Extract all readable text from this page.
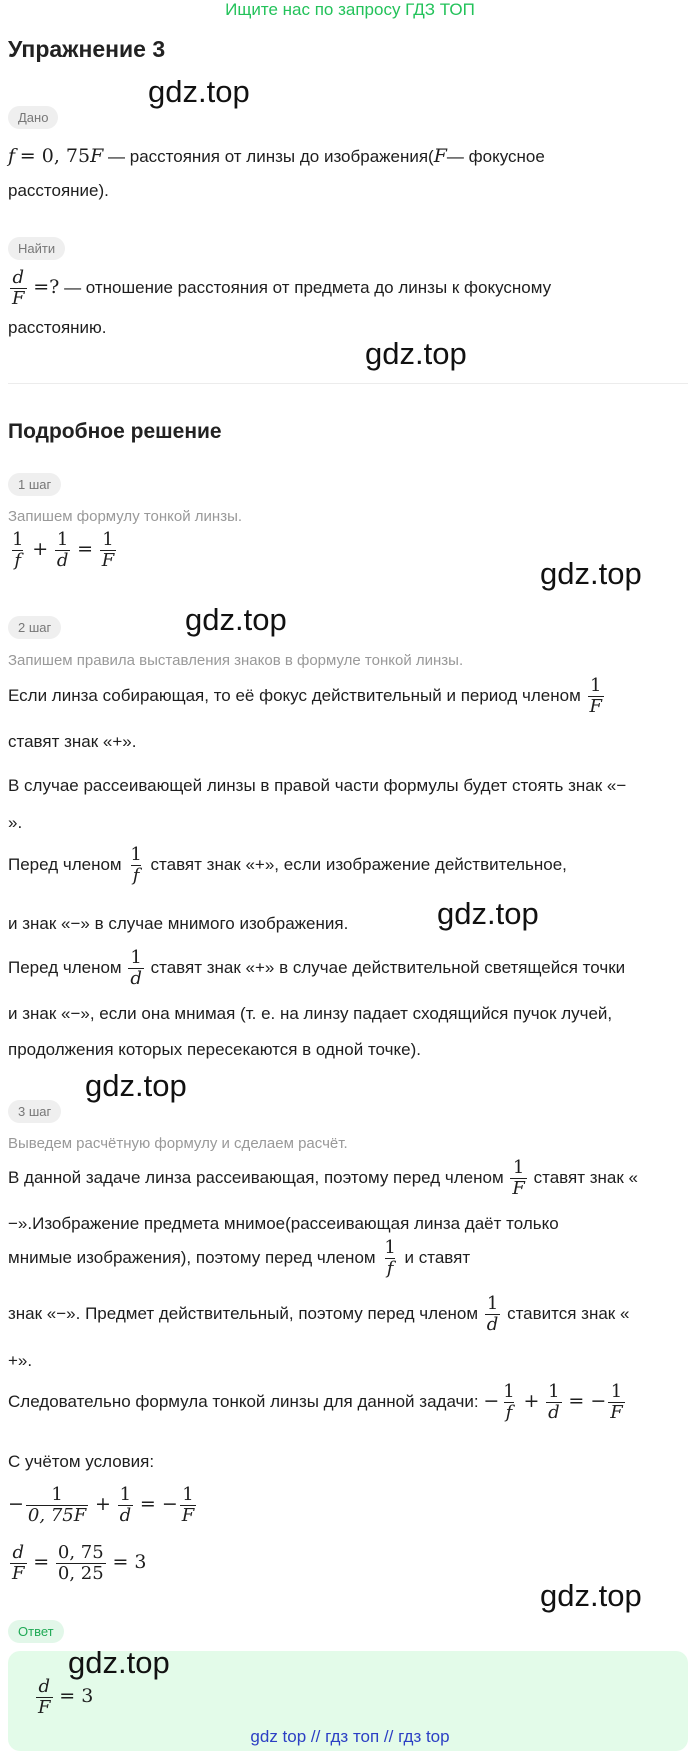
Ищите нас по запросу ГДЗ ТОП
Упражнение 3
gdz.top
Дано
f = 0, 75F — расстояния от линзы до изображения(F— фокусное
расстояние).
Найти
$\frac{d}{F}$ =? — отношение расстояния от предмета до линзы к фокусному
расстоянию.
gdz.top
Подробное решение
1 шаг
Запишем формулу тонкой линзы.
$\frac{1}{f} + \frac{1}{d} = \frac{1}{F}$
gdz.top
2 шаг	gdz.top
Запишем правила выставления знаков в формуле тонкой линзы.
Если линза собирающая, то её фокус действительный и период членом $\frac{1}{F}$
ставят знак «+».
В случае рассеивающей линзы в правой части формулы будет стоять знак «−
».
Перед членом $\frac{1}{f}$ ставят знак «+», если изображение действительное,
и знак «−» в случае мнимого изображения.	gdz.top
Перед членом $\frac{1}{d}$ ставят знак «+» в случае действительной светящейся точки
и знак «−», если она мнимая (т. е. на линзу падает сходящийся пучок лучей,
продолжения которых пересекаются в одной точке).
gdz.top
3 шаг
Выведем расчётную формулу и сделаем расчёт.
В данной задаче линза рассеивающая, поэтому перед членом $\frac{1}{F}$ ставят знак «
−».Изображение предмета мнимое(рассеивающая линза даёт только
мнимые изображения), поэтому перед членом $\frac{1}{f}$ и ставят
знак «−». Предмет действительный, поэтому перед членом $\frac{1}{d}$ ставится знак «
+».
Следовательно формула тонкой линзы для данной задачи: − $\frac{1}{f} + \frac{1}{d}$ = − $\frac{1}{F}$
С учётом условия:
− $\frac{1}{0, 75F} + \frac{1}{d}$ = − $\frac{1}{F}$
$\frac{d}{F} = \frac{0, 75}{0, 25} = 3$
gdz.top
Ответ
gdz.top
$\frac{d}{F} = 3$
gdz top // гдз топ // гдз top
